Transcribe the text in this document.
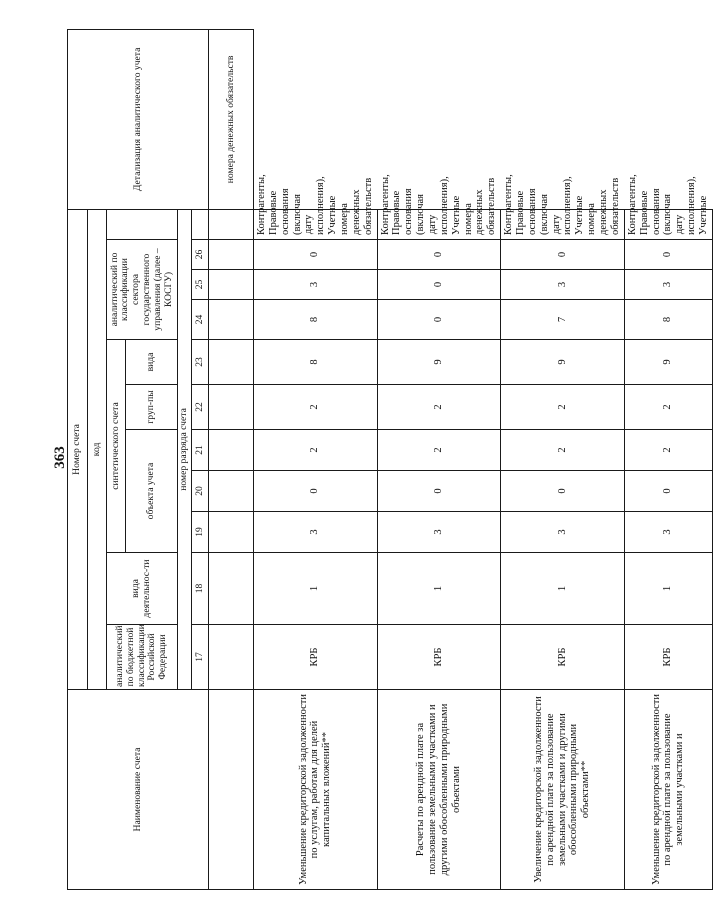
363
Наименование счета	Номер счета											Детализация аналитического учета
	код											
	аналитический по бюджетной классификации Российской Федерации	вида деятельнос-ти	синтетического счета					аналитический по классификации сектора государственного управления (далее – КОСГУ)				
			объекта учета			груп-пы	вида					
	номер разряда счета											
	17	18	19	20	21	22	23	24	25	26		
												номера денежных обязательств
Уменьшение кредиторской задолженности по услугам, работам для целей капитальных вложений**	КРБ	1	3	0	2	2	8	8	3	0	Контрагенты, Правовые основания (включая дату исполнения), Учетные номера денежных обязательств	
Расчеты по арендной плате за пользование земельными участками и другими обособленными природными объектами	КРБ	1	3	0	2	2	9	0	0	0	Контрагенты, Правовые основания (включая дату исполнения), Учетные номера денежных обязательств	
Увеличение кредиторской задолженности по арендной плате за пользование земельными участками и другими обособленными природными объектами**	КРБ	1	3	0	2	2	9	7	3	0	Контрагенты, Правовые основания (включая дату исполнения), Учетные номера денежных обязательств	
Уменьшение кредиторской задолженности по арендной плате за пользование земельными участками и	КРБ	1	3	0	2	2	9	8	3	0	Контрагенты, Правовые основания (включая дату исполнения), Учетные	
